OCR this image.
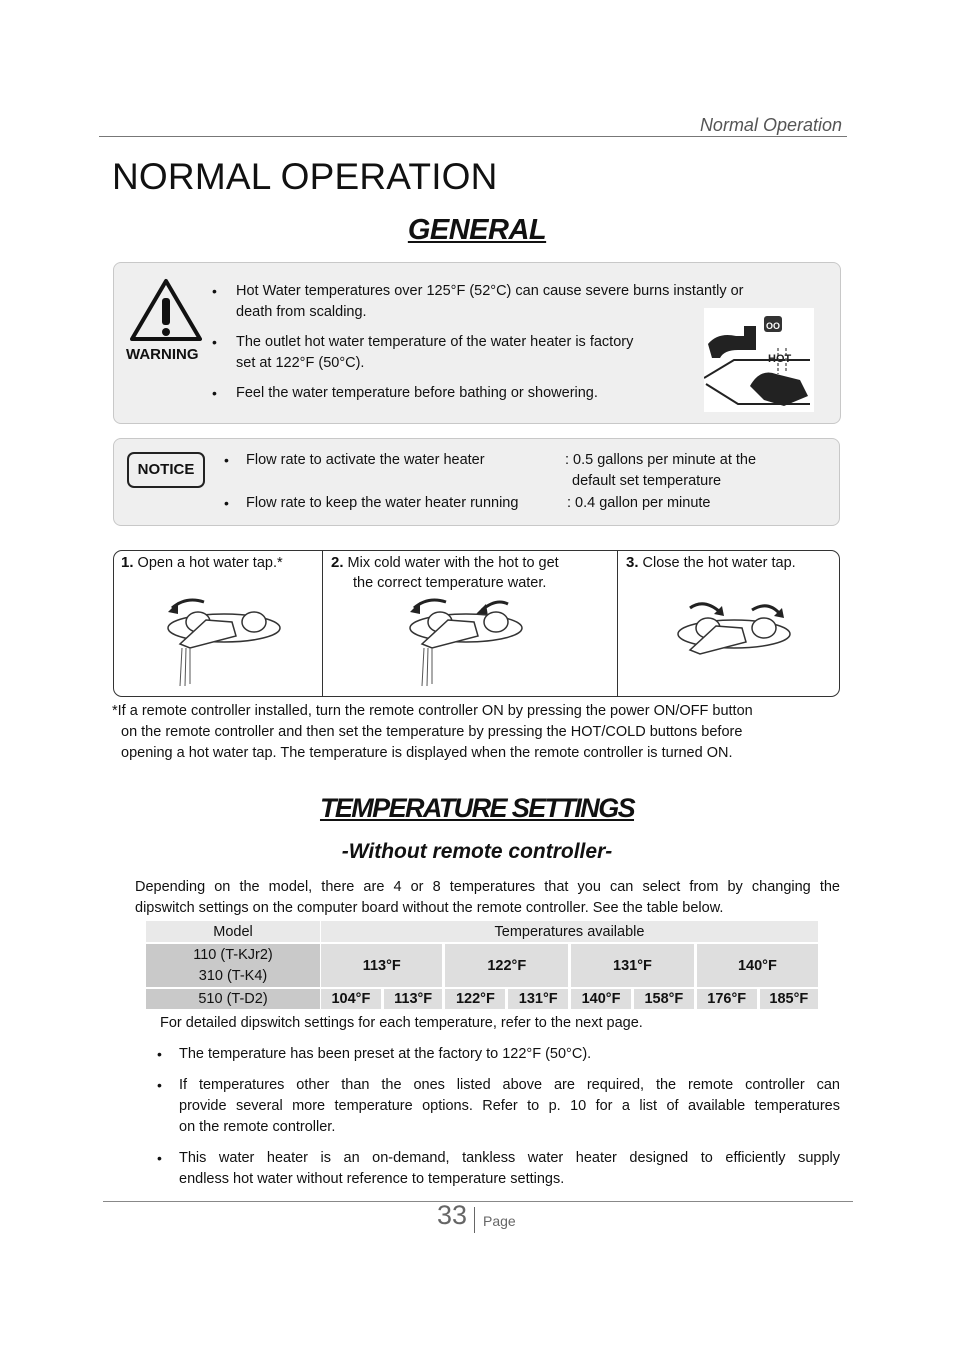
Normal Operation
NORMAL OPERATION
GENERAL
WARNING
• Hot Water temperatures over 125°F (52°C) can cause severe burns instantly or
death from scalding.
• The outlet hot water temperature of the water heater is factory
set at 122°F (50°C).
• Feel the water temperature before bathing or showering.
OO
HOT
NOTICE
• Flow rate to activate the water heater	: 0.5 gallons per minute at the
default set temperature
• Flow rate to keep the water heater running	: 0.4 gallon per minute
1. Open a hot water tap.*	2. Mix cold water with the hot to get
the correct temperature water.
3. Close the hot water tap.
*If a remote controller installed, turn the remote controller ON by pressing the power ON/OFF button
on the remote controller and then set the temperature by pressing the HOT/COLD buttons before
opening a hot water tap. The temperature is displayed when the remote controller is turned ON.
TEMPERATURE SETTINGS
-Without remote controller-
Depending on the model, there are 4 or 8 temperatures that you can select from by changing the
dipswitch settings on the computer board without the remote controller. See the table below.
Model	Temperatures available							

110 (T-KJr2)
310 (T-K4)	113°F		122°F		131°F		140°F	
510 (T-D2)	104°F	113°F	122°F	131°F	140°F	158°F	176°F	185°F
For detailed dipswitch settings for each temperature, refer to the next page.
• The temperature has been preset at the factory to 122°F (50°C).
• If temperatures other than the ones listed above are required, the remote controller can
provide several more temperature options. Refer to p. 10 for a list of available temperatures
on the remote controller.
• This water heater is an on-demand, tankless water heater designed to efficiently supply
endless hot water without reference to temperature settings.
33 Page
